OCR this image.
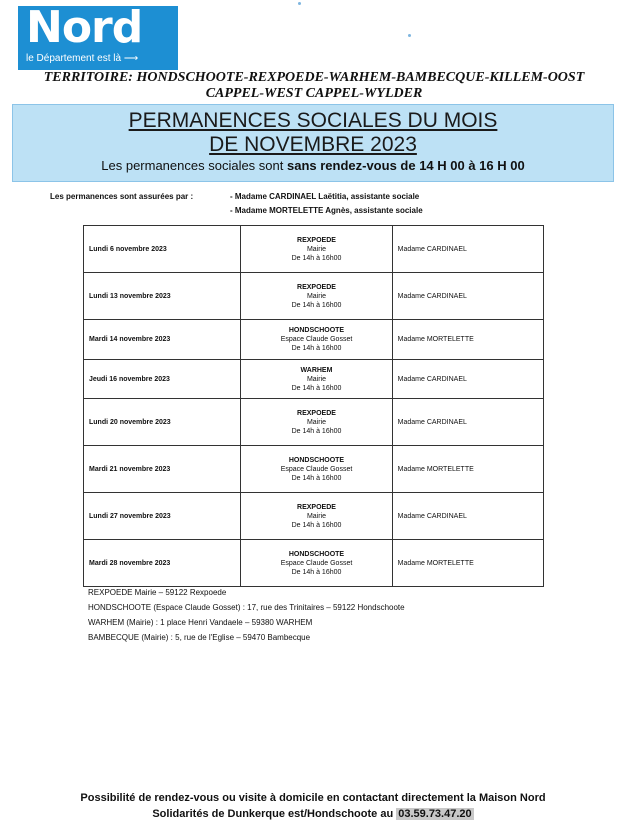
Nord
le Département est là ⟶
TERRITOIRE: HONDSCHOOTE-REXPOEDE-WARHEM-BAMBECQUE-KILLEM-OOST
CAPPEL-WEST CAPPEL-WYLDER
PERMANENCES SOCIALES DU MOIS
DE NOVEMBRE 2023
Les permanences sociales sont sans rendez-vous de 14 H 00 à 16 H 00
Les permanences sont assurées par :	- Madame CARDINAEL Laëtitia, assistante sociale
- Madame MORTELETTE Agnès, assistante sociale
Lundi 6 novembre 2023	REXPOEDE
Mairie
De 14h à 16h00	Madame CARDINAEL
Lundi 13 novembre 2023	REXPOEDE
Mairie
De 14h à 16h00	Madame CARDINAEL
Mardi 14 novembre 2023	HONDSCHOOTE
Espace Claude Gosset
De 14h à 16h00	Madame MORTELETTE
Jeudi 16 novembre 2023	WARHEM
Mairie
De 14h à 16h00	Madame CARDINAEL
Lundi 20 novembre 2023	REXPOEDE
Mairie
De 14h à 16h00	Madame CARDINAEL
Mardi 21 novembre 2023	HONDSCHOOTE
Espace Claude Gosset
De 14h à 16h00	Madame MORTELETTE
Lundi 27 novembre 2023	REXPOEDE
Mairie
De 14h à 16h00	Madame CARDINAEL
Mardi 28 novembre 2023	HONDSCHOOTE
Espace Claude Gosset
De 14h à 16h00	Madame MORTELETTE
REXPOEDE Mairie – 59122 Rexpoede
HONDSCHOOTE (Espace Claude Gosset) : 17, rue des Trinitaires – 59122 Hondschoote
WARHEM (Mairie) : 1 place Henri Vandaele – 59380 WARHEM
BAMBECQUE (Mairie) : 5, rue de l'Eglise – 59470 Bambecque
Possibilité de rendez-vous ou visite à domicile en contactant directement la Maison Nord
Solidarités de Dunkerque est/Hondschoote au 03.59.73.47.20
